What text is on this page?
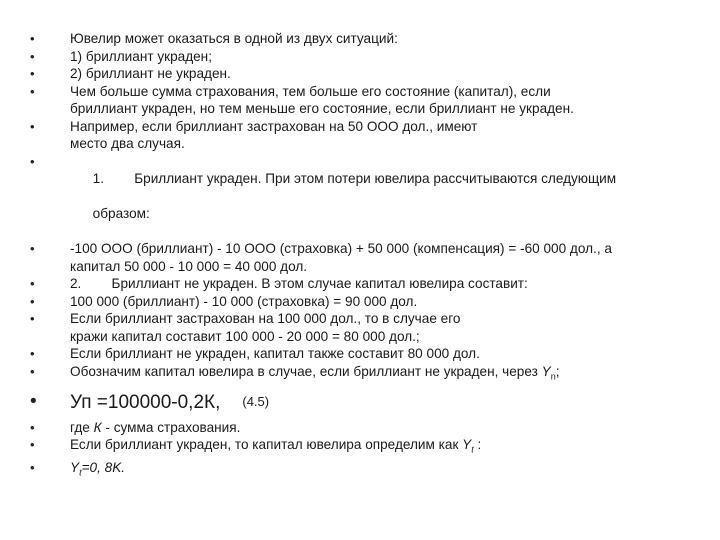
• Ювелир может оказаться в одной из двух ситуаций:
• 1) бриллиант украден;
• 2) бриллиант не украден.
• Чем больше сумма страхования, тем больше его состояние (капитал), если
бриллиант украден, но тем меньше его состояние, если бриллиант не украден.
• Например, если бриллиант застрахован на 50 ООО дол., имеют
место два случая.

• 1.        Бриллиант украден. При этом потери ювелира рассчитываются следующим

образом:

• -100 ООО (бриллиант) - 10 ООО (страховка) + 50 000 (компенсация) = -60 000 дол., а
капитал 50 000 - 10 000 = 40 000 дол.
• 2.        Бриллиант не украден. В этом случае капитал ювелира составит:
• 100 000 (бриллиант) - 10 000 (страховка) = 90 000 дол.
• Если бриллиант застрахован на 100 000 дол., то в случае его
кражи капитал составит 100 000 - 20 000 = 80 000 дол.;
• Если бриллиант не украден, капитал также составит 80 000 дол.
• Обозначим капитал ювелира в случае, если бриллиант не украден, через $Y_n$;
• Уп =100000-0,2К, (4.5)
• где К - сумма страхования.
• Если бриллиант украден, то капитал ювелира определим как $Y_t$ :
• $Y_t=0$, 8K.
